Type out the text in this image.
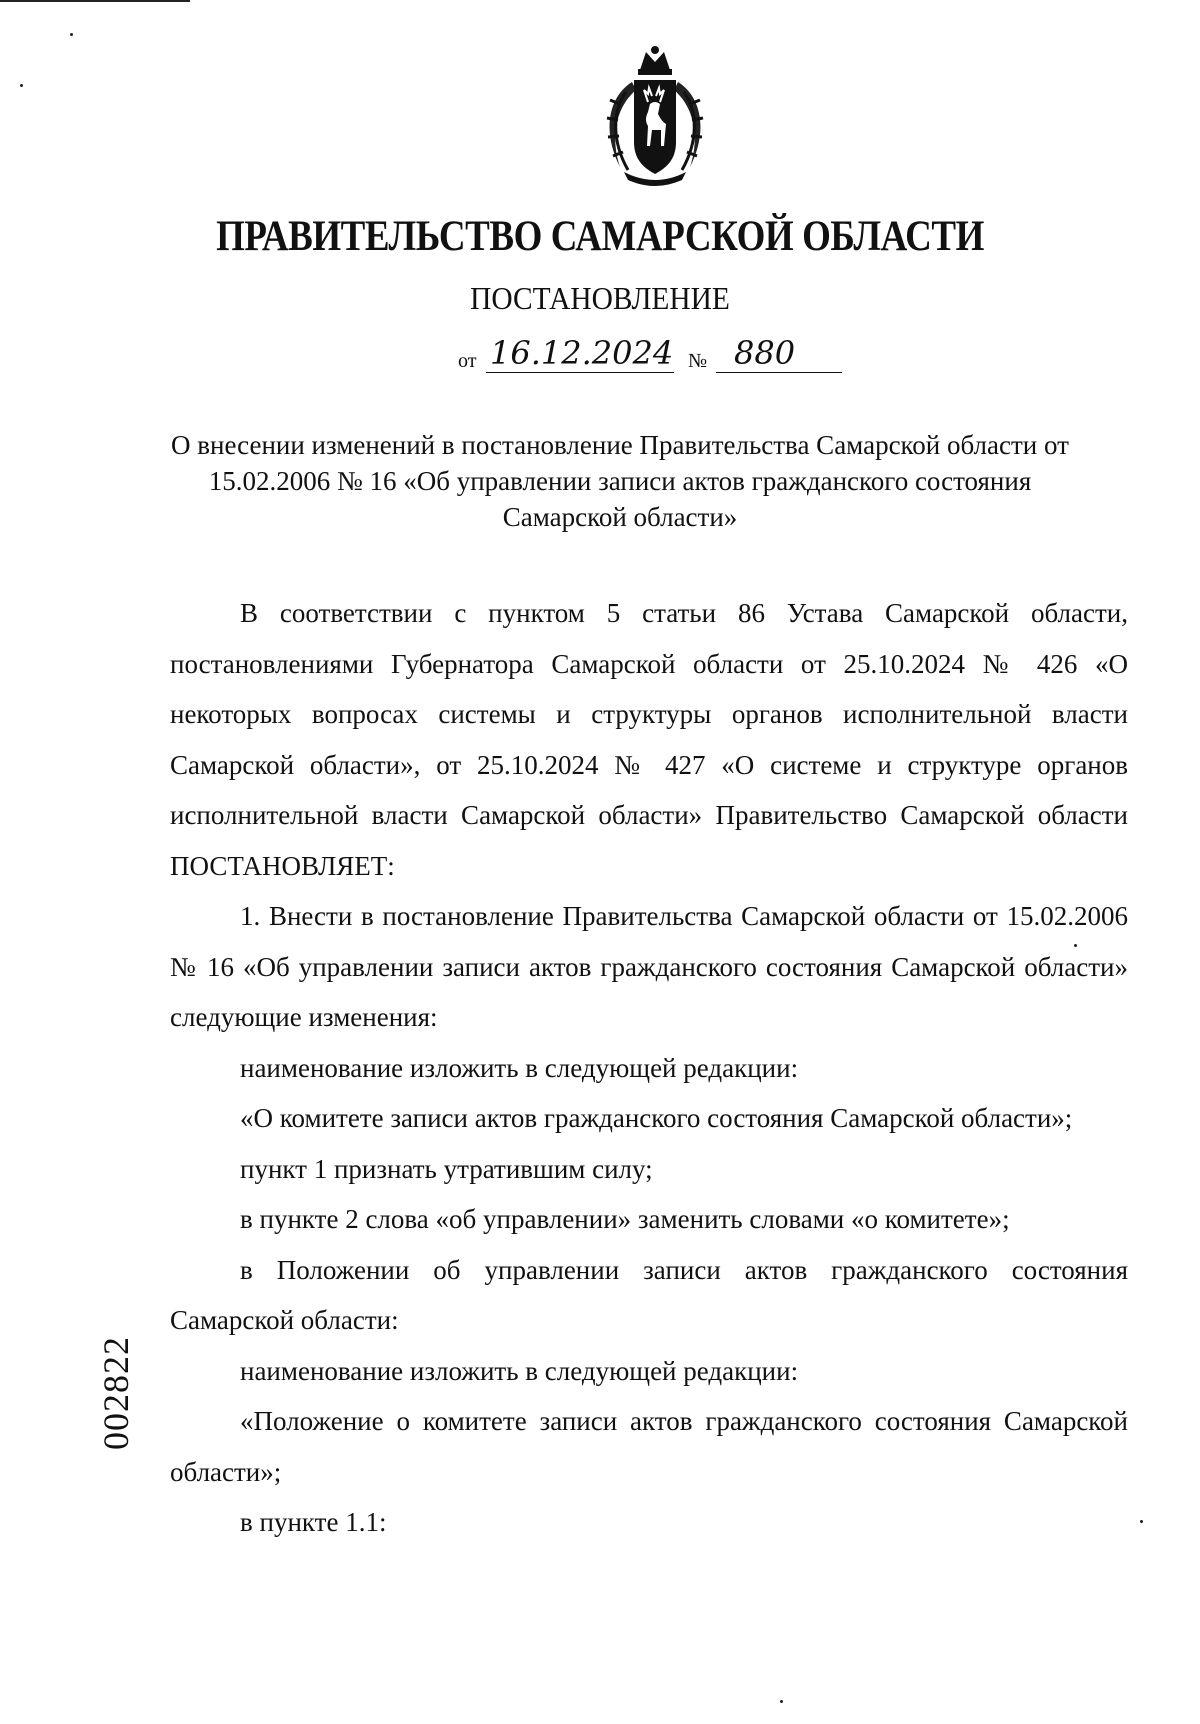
ПРАВИТЕЛЬСТВО САМАРСКОЙ ОБЛАСТИ
ПОСТАНОВЛЕНИЕ
от 16.12.2024 № 880
О внесении изменений в постановление Правительства Самарской области от 15.02.2006 № 16 «Об управлении записи актов гражданского состояния Самарской области»

В соответствии с пунктом 5 статьи 86 Устава Самарской области, постановлениями Губернатора Самарской области от 25.10.2024 № 426 «О некоторых вопросах системы и структуры органов исполнительной власти Самарской области», от 25.10.2024 № 427 «О системе и структуре органов исполнительной власти Самарской области» Правительство Самарской области ПОСТАНОВЛЯЕТ:

1. Внести в постановление Правительства Самарской области от 15.02.2006 № 16 «Об управлении записи актов гражданского состояния Самарской области» следующие изменения:

наименование изложить в следующей редакции:

«О комитете записи актов гражданского состояния Самарской области»;

пункт 1 признать утратившим силу;

в пункте 2 слова «об управлении» заменить словами «о комитете»;

в Положении об управлении записи актов гражданского состояния Самарской области:

наименование изложить в следующей редакции:

«Положение о комитете записи актов гражданского состояния Самарской области»;

в пункте 1.1:

002822
